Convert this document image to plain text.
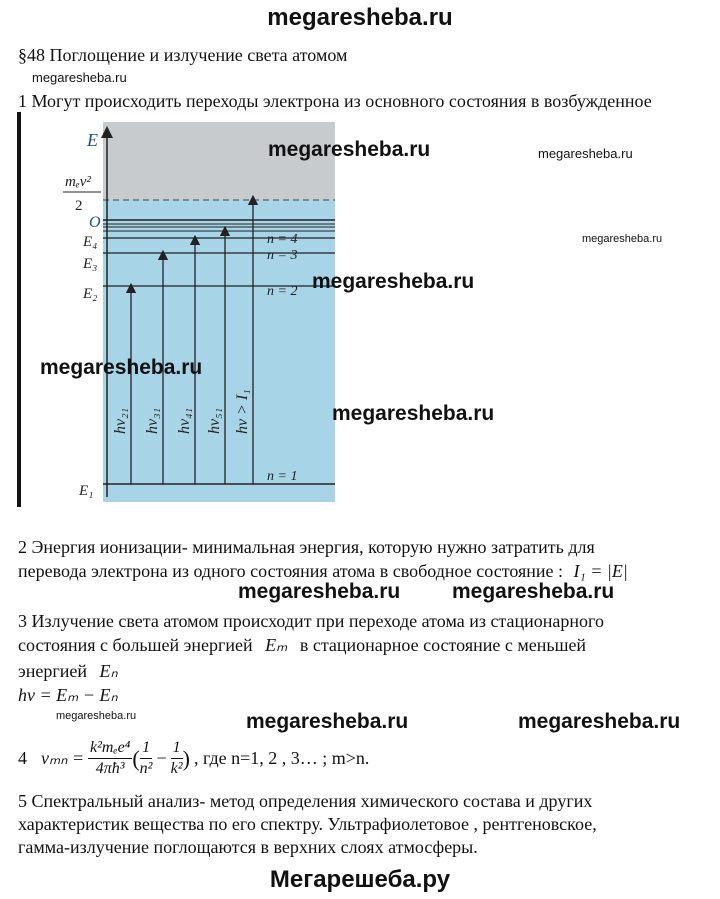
megaresheba.ru
§48 Поглощение и излучение света атомом
megaresheba.ru
1 Могут происходить переходы электрона из основного состояния в возбужденное
E
mₑv²
2
O
E₄
E₃
E₂
E₁
n = 4
n = 3
n = 2
n = 1
hν₂₁ hν₃₁ hν₄₁ hν₅₁ hν > I₁
megaresheba.ru	megaresheba.ru
megaresheba.ru
megaresheba.ru
megaresheba.ru
megaresheba.ru
2 Энергия ионизации- минимальная энергия, которую нужно затратить для
перевода электрона из одного состояния атома в свободное состояние : I₁ = |E|
megaresheba.ru megaresheba.ru
3 Излучение света атомом происходит при переходе атома из стационарного
состояния с большей энергией Eₘ в стационарное состояние с меньшей
энергией Eₙ
hν = Eₘ − Eₙ
megaresheba.ru	megaresheba.ru	megaresheba.ru
4 $\nu_{mn} = \frac{\text{k²mₑe⁴}}{\text{4πħ³}}$ ( $\frac{1}{\text{n²}} - \frac{1}{\text{k²}}$ ) , где n=1, 2 , 3… ; m>n.
5 Спектральный анализ- метод определения химического состава и других
характеристик вещества по его спектру. Ультрафиолетовое , рентгеновское,
гамма-излучение поглощаются в верхних слоях атмосферы.
Мегарешеба.ру
